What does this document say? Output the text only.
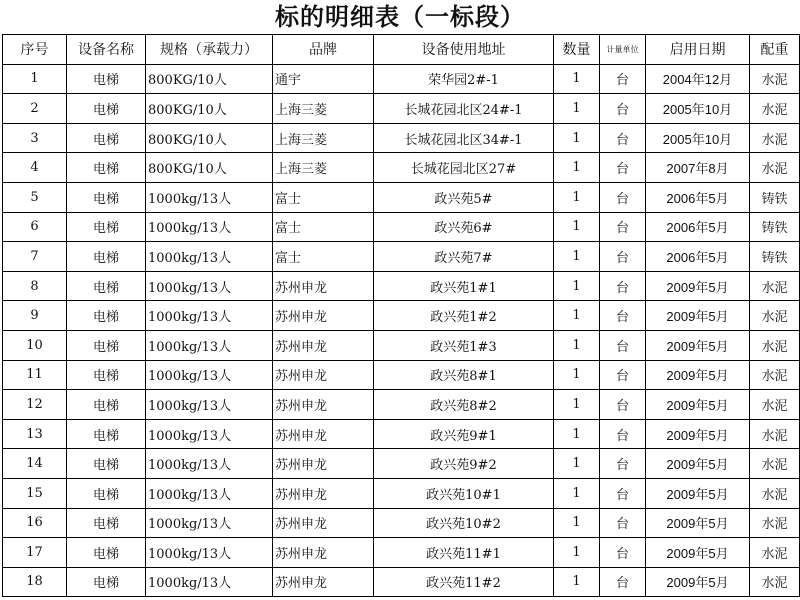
标的明细表（一标段）
序号	设备名称	规格（承载力）	品牌	设备使用地址	数量	计量单位	启用日期	配重
1	电梯	800KG/10人	通宇	荣华园2#-1	1	台	2004年12月	水泥
2	电梯	800KG/10人	上海三菱	长城花园北区24#-1	1	台	2005年10月	水泥
3	电梯	800KG/10人	上海三菱	长城花园北区34#-1	1	台	2005年10月	水泥
4	电梯	800KG/10人	上海三菱	长城花园北区27#	1	台	2007年8月	水泥
5	电梯	1000kg/13人	富士	政兴苑5#	1	台	2006年5月	铸铁
6	电梯	1000kg/13人	富士	政兴苑6#	1	台	2006年5月	铸铁
7	电梯	1000kg/13人	富士	政兴苑7#	1	台	2006年5月	铸铁
8	电梯	1000kg/13人	苏州申龙	政兴苑1#1	1	台	2009年5月	水泥
9	电梯	1000kg/13人	苏州申龙	政兴苑1#2	1	台	2009年5月	水泥
10	电梯	1000kg/13人	苏州申龙	政兴苑1#3	1	台	2009年5月	水泥
11	电梯	1000kg/13人	苏州申龙	政兴苑8#1	1	台	2009年5月	水泥
12	电梯	1000kg/13人	苏州申龙	政兴苑8#2	1	台	2009年5月	水泥
13	电梯	1000kg/13人	苏州申龙	政兴苑9#1	1	台	2009年5月	水泥
14	电梯	1000kg/13人	苏州申龙	政兴苑9#2	1	台	2009年5月	水泥
15	电梯	1000kg/13人	苏州申龙	政兴苑10#1	1	台	2009年5月	水泥
16	电梯	1000kg/13人	苏州申龙	政兴苑10#2	1	台	2009年5月	水泥
17	电梯	1000kg/13人	苏州申龙	政兴苑11#1	1	台	2009年5月	水泥
18	电梯	1000kg/13人	苏州申龙	政兴苑11#2	1	台	2009年5月	水泥
